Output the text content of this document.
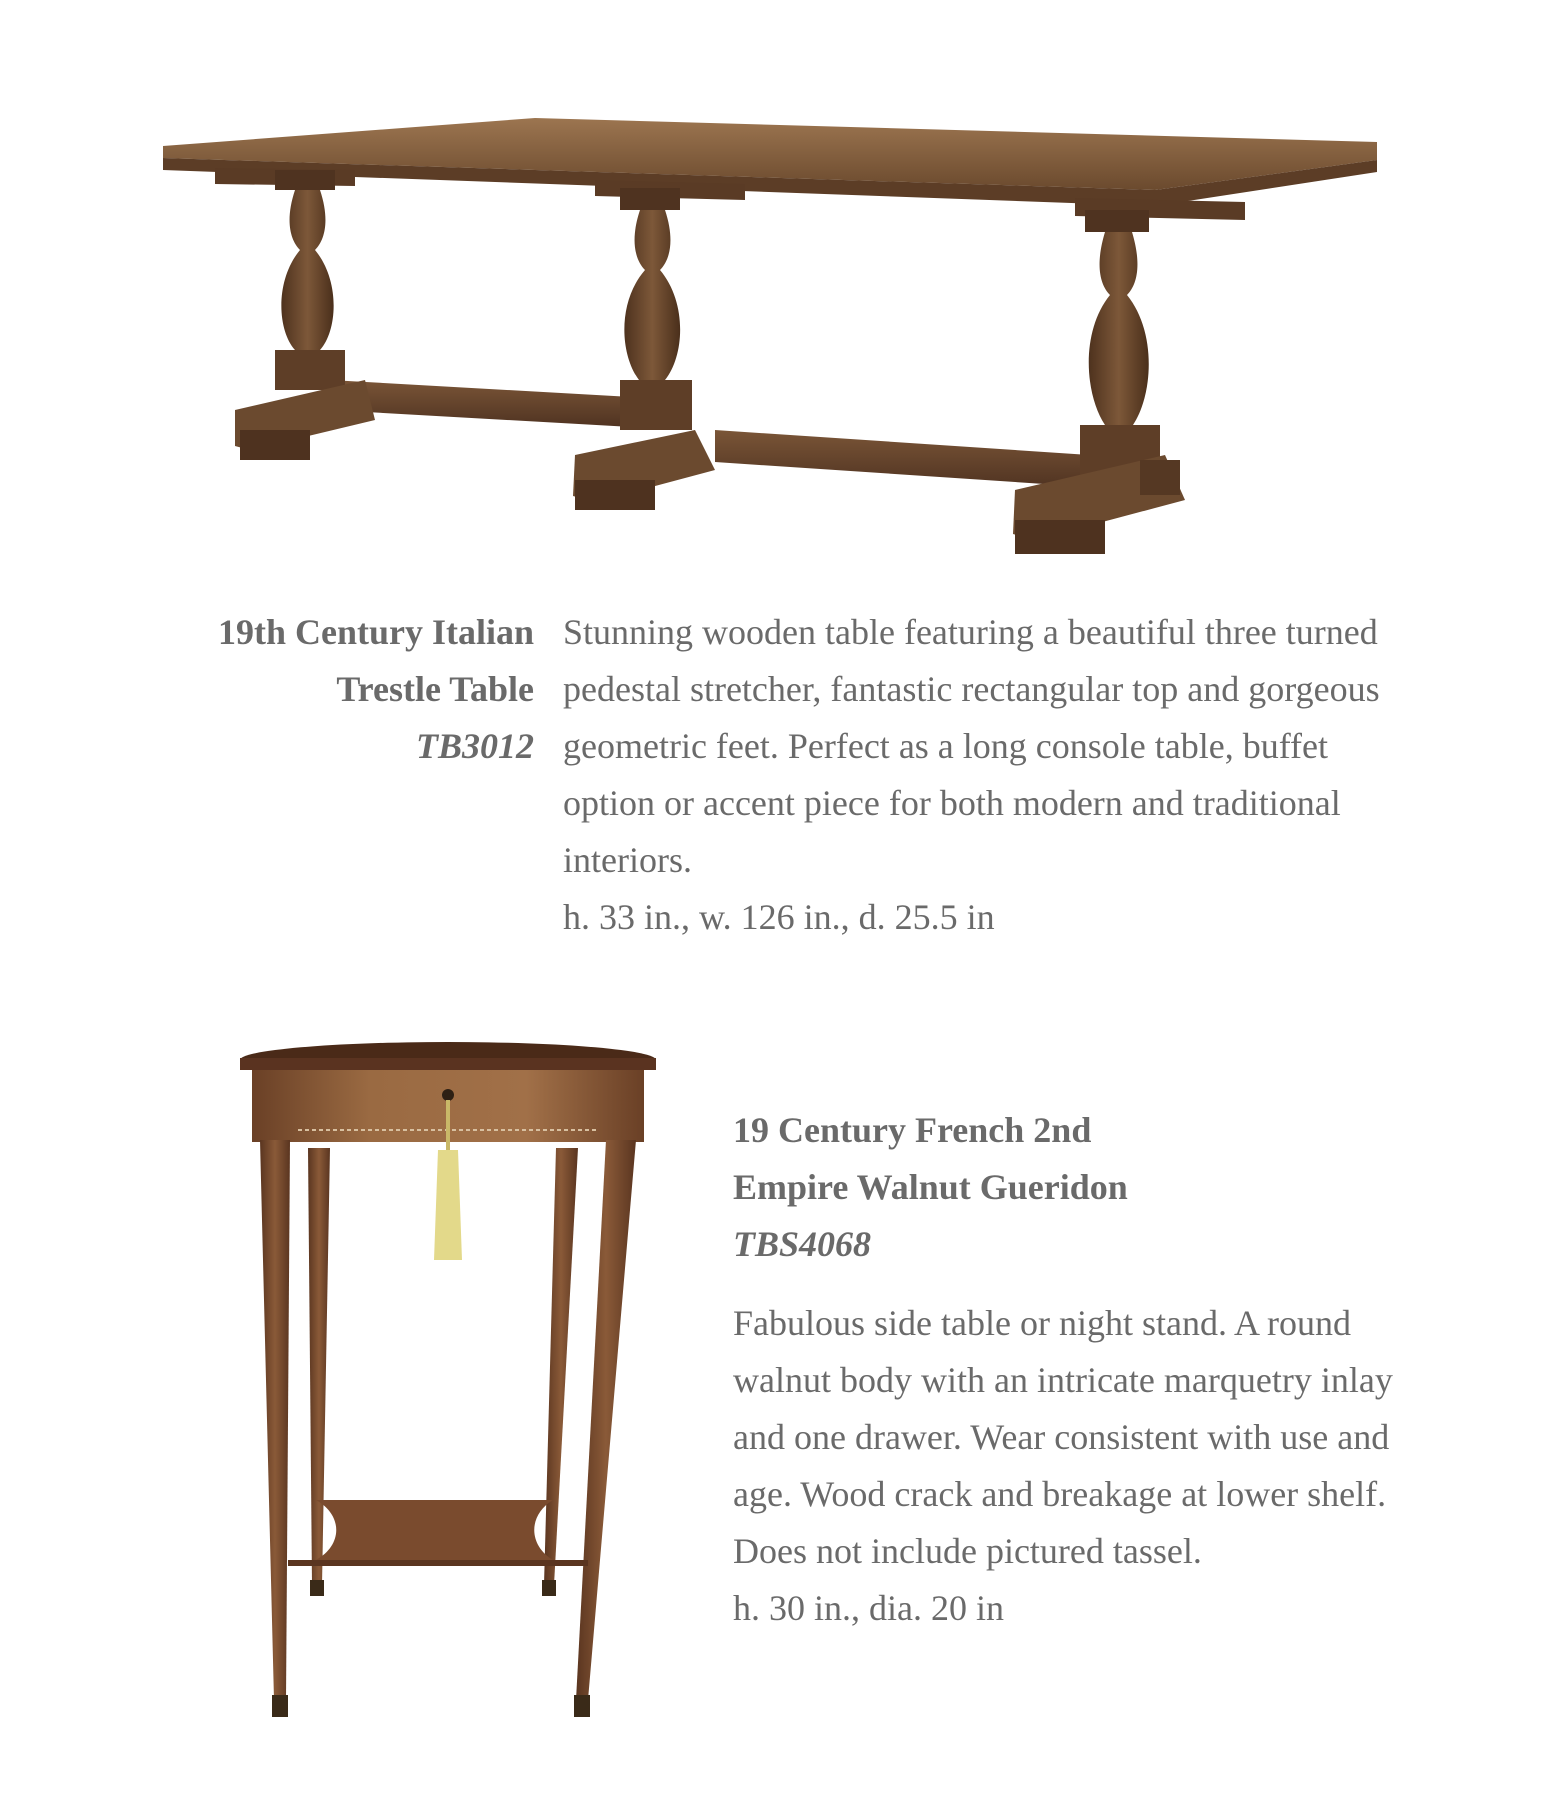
19th Century Italian
Trestle Table
TB3012

Stunning wooden table featuring a beautiful three turned pedestal stretcher, fantastic rectangular top and gorgeous geometric feet. Perfect as a long console table, buffet option or accent piece for both modern and traditional interiors.

h. 33 in., w. 126 in., d. 25.5 in

19 Century French 2nd
Empire Walnut Gueridon
TBS4068

Fabulous side table or night stand. A round walnut body with an intricate marquetry inlay and one drawer. Wear consistent with use and age. Wood crack and breakage at lower shelf. Does not include pictured tassel.

h. 30 in., dia. 20 in
